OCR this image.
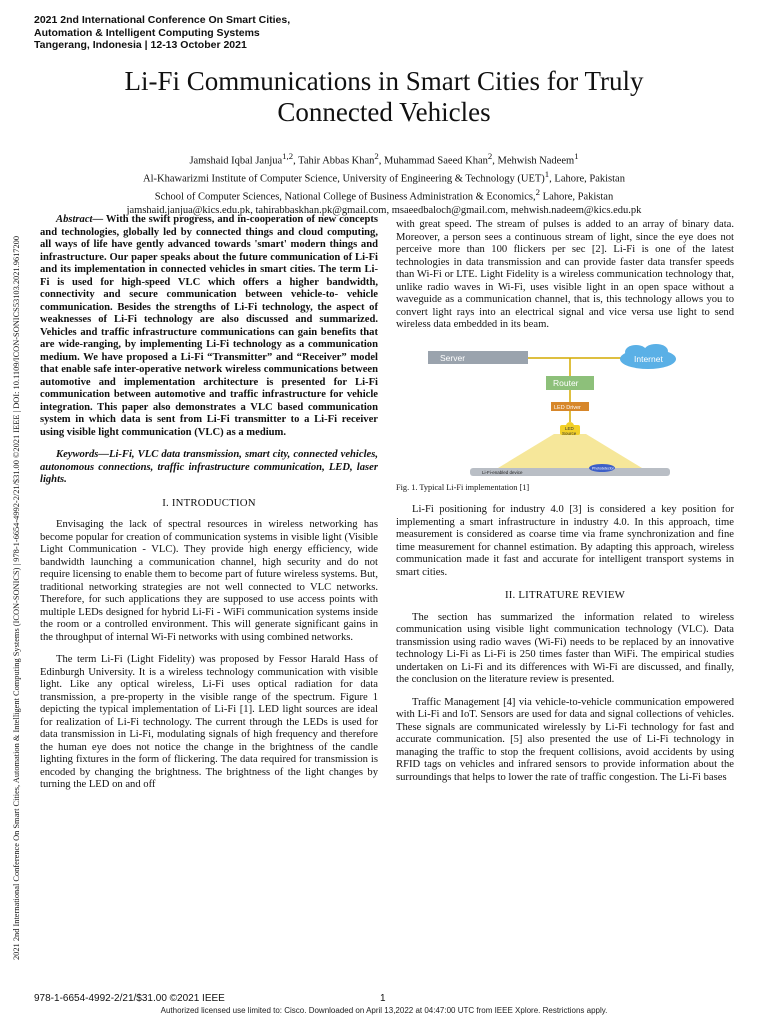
2021 2nd International Conference On Smart Cities,
Automation & Intelligent Computing Systems
Tangerang, Indonesia | 12-13 October 2021
2021 2nd International Conference On Smart Cities, Automation & Intelligent Computing Systems (ICON-SONICS) | 978-1-6654-4992-2/21/$31.00 ©2021 IEEE | DOI: 10.1109/ICON-SONICS53103.2021.9617200
Li-Fi Communications in Smart Cities for Truly
Connected Vehicles
Jamshaid Iqbal Janjua$^{1,2}$, Tahir Abbas Khan$^2$, Muhammad Saeed Khan$^2$, Mehwish Nadeem$^1$
Al-Khawarizmi Institute of Computer Science, University of Engineering & Technology (UET)$^1$, Lahore, Pakistan
School of Computer Sciences, National College of Business Administration & Economics,$^2$ Lahore, Pakistan
jamshaid.janjua@kics.edu.pk, tahirabbaskhan.pk@gmail.com, msaeedbaloch@gmail.com, mehwish.nadeem@kics.edu.pk

Abstract— With the swift progress, and in-cooperation of new concepts and technologies, globally led by connected things and cloud computing, all ways of life have gently advanced towards 'smart' modern things and infrastructure. Our paper speaks about the future communication of Li-Fi and its implementation in connected vehicles in smart cities. The term Li-Fi is used for high-speed VLC which offers a higher bandwidth, connectivity and secure communication between vehicle-to- vehicle communication. Besides the strengths of Li-Fi technology, the aspect of weaknesses of Li-Fi technology are also discussed and summarized. Vehicles and traffic infrastructure communications can gain benefits that are wide-ranging, by implementing Li-Fi technology as a communication medium. We have proposed a Li-Fi “Transmitter” and “Receiver” model that enable safe inter-operative network wireless communications between automotive and implementation architecture is presented for Li-Fi communication between automotive and traffic infrastructure for vehicle integration. This paper also demonstrates a VLC based communication system in which data is sent from Li-Fi transmitter to a Li-Fi receiver using visible light communication (VLC) as a medium.

Keywords—Li-Fi, VLC data transmission, smart city, connected vehicles, autonomous connections, traffic infrastructure communication, LED, laser lights.

I. INTRODUCTION

Envisaging the lack of spectral resources in wireless networking has become popular for creation of communication systems in visible light (Visible Light Communication - VLC). They provide high energy efficiency, wide bandwidth launching a communication channel, high security and do not require licensing to enable them to become part of future wireless systems. But, traditional networking strategies are not well connected to VLC networks. Therefore, for such applications they are supposed to use access points with multiple LEDs designed for hybrid Li-Fi - WiFi communication systems inside the room or a controlled environment. This will generate significant gains in the throughput of internal Wi-Fi networks with using combined networks.

The term Li-Fi (Light Fidelity) was proposed by Fessor Harald Hass of Edinburgh University. It is a wireless technology communication with visible light. Like any optical wireless, Li-Fi uses optical radiation for data transmission, a pre-property in the visible range of the spectrum. Figure 1 depicting the typical implementation of Li-Fi [1]. LED light sources are ideal for realization of Li-Fi technology. The current through the LEDs is used for data transmission in Li-Fi, modulating signals of high frequency and therefore the human eye does not notice the change in the brightness of the candle lighting fixtures in the form of flickering. The data required for transmission is encoded by changing the brightness. The brightness of the light changes by turning the LED on and off

with great speed. The stream of pulses is added to an array of binary data. Moreover, a person sees a continuous stream of light, since the eye does not perceive more than 100 flickers per sec [2]. Li-Fi is one of the latest technologies in data transmission and can provide faster data transfer speeds than Wi-Fi or LTE. Light Fidelity is a wireless communication technology that, unlike radio waves in Wi-Fi, uses visible light in an open space without a waveguide as a communication channel, that is, this technology allows you to convert light rays into an electrical signal and vice versa use light to send wireless data embedded in its beam.

Server	Internet
Router
LED Driver
LED
Source
Li-Fi-enabled device
Photodetector

Fig. 1. Typical Li-Fi implementation [1]

Li-Fi positioning for industry 4.0 [3] is considered a key position for implementing a smart infrastructure in industry 4.0. In this approach, time measurement is considered as coarse time via frame synchronization and fine time measurement for channel estimation. By adapting this approach, wireless communication made it fast and accurate for intelligent transport systems in smart cities.

II. LITRATURE REVIEW

The section has summarized the information related to wireless communication using visible light communication technology (VLC). Data transmission using radio waves (Wi-Fi) needs to be replaced by an innovative technology Li-Fi as Li-Fi is 250 times faster than WiFi. The empirical studies undertaken on Li-Fi and its differences with Wi-Fi are discussed, and finally, the conclusion on the literature review is presented.

Traffic Management [4] via vehicle-to-vehicle communication empowered with Li-Fi and IoT. Sensors are used for data and signal collections of vehicles. These signals are communicated wirelessly by Li-Fi technology for fast and accurate communication. [5] also presented the use of Li-Fi technology in managing the traffic to stop the frequent collisions, avoid accidents by using RFID tags on vehicles and infrared sensors to provide information about the surroundings that helps to lower the rate of traffic congestion. The Li-Fi bases

978-1-6654-4992-2/21/$31.00 ©2021 IEEE	1
Authorized licensed use limited to: Cisco. Downloaded on April 13,2022 at 04:47:00 UTC from IEEE Xplore. Restrictions apply.
